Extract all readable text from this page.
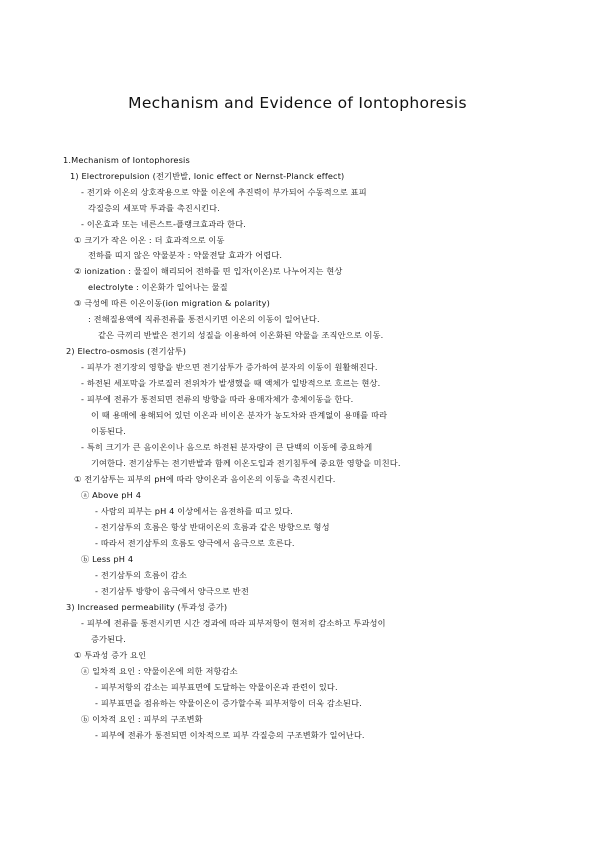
Mechanism and Evidence of Iontophoresis
1.Mechanism of Iontophoresis
1) Electrorepulsion (전기반발, Ionic effect or Nernst-Planck effect)
- 전기와 이온의 상호작용으로 약물 이온에 추진력이 부가되어 수동적으로 표피
각질층의 세포막 투과를 촉진시킨다.
- 이온효과 또는 네른스트-플랭크효과라 한다.
① 크기가 작은 이온 : 더 효과적으로 이동
전하를 띠지 않은 약물분자 : 약물전달 효과가 어렵다.
② ionization : 물질이 해리되어 전하를 띤 입자(이온)로 나누어지는 현상
electrolyte : 이온화가 일어나는 물질
③ 극성에 따른 이온이동(ion migration & polarity)
: 전해질용액에 직류전류를 통전시키면 이온의 이동이 일어난다.
같은 극끼리 반발은 전기의 성질을 이용하여 이온화된 약물을 조직안으로 이동.
2) Electro-osmosis (전기삼투)
- 피부가 전기장의 영향을 받으면 전기삼투가 증가하여 분자의 이동이 원활해진다.
- 하전된 세포막을 가로질러 전위차가 발생했을 때 액체가 일방적으로 흐르는 현상.
- 피부에 전류가 통전되면 전류의 방향을 따라 용매자체가 총체이동을 한다.
이 때 용매에 용해되어 있던 이온과 비이온 분자가 농도차와 관계없이 용매를 따라
이동된다.
- 특히 크기가 큰 음이온이나 음으로 하전된 분자량이 큰 단백의 이동에 중요하게
기여한다. 전기삼투는 전기반발과 함께 이온도입과 전기침투에 중요한 영향을 미친다.
① 전기삼투는 피부의 pH에 따라 양이온과 음이온의 이동을 촉진시킨다.
ⓐ Above pH 4
- 사람의 피부는 pH 4 이상에서는 음전하를 띠고 있다.
- 전기삼투의 흐름은 항상 반대이온의 흐름과 같은 방향으로 형성
- 따라서 전기삼투의 흐름도 양극에서 음극으로 흐른다.
ⓑ Less pH 4
- 전기삼투의 흐름이 감소
- 전기삼투 방향이 음극에서 양극으로 반전
3) Increased permeability (투과성 증가)
- 피부에 전류를 통전시키면 시간 경과에 따라 피부저항이 현저히 감소하고 투과성이
증가된다.
① 투과성 증가 요인
ⓐ 일차적 요인 : 약물이온에 의한 저항감소
- 피부저항의 감소는 피부표면에 도달하는 약물이온과 관련이 있다.
- 피부표면을 점유하는 약물이온이 증가할수록 피부저항이 더욱 감소된다.
ⓑ 이차적 요인 : 피부의 구조변화
- 피부에 전류가 통전되면 이차적으로 피부 각질층의 구조변화가 일어난다.
